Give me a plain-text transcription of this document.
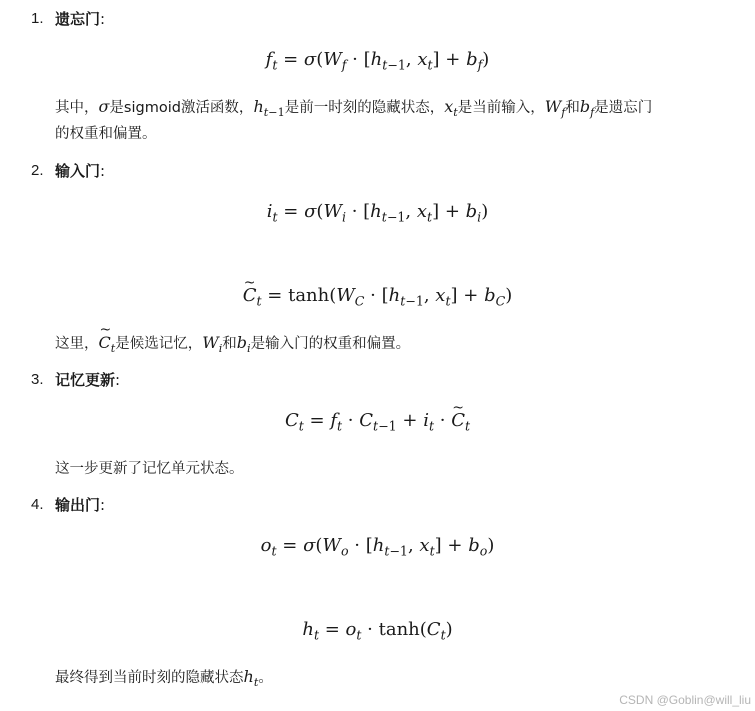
1. 遗忘门:
$f_t = \sigma(W_f \cdot [h_{t-1}$, $x_t] + b_f$)
其中，σ是sigmoid激活函数，$h_{t-1}$是前一时刻的隐藏状态，$x_t$是当前输入，$W_f$和$b_f$是遗忘门
的权重和偏置。
2. 输入门:
$i_t = \sigma(W_i \cdot [h_{t-1}$, $x_t] + b_i$)
~ $C_t = \tanh(W_C \cdot [h_{t-1}$, $x_t] + b_C$)
这里，~ $C_t$是候选记忆，$W_i$和$b_i$是输入门的权重和偏置。
3. 记忆更新:
$C_t = f_t \cdot C_{t-1} + i_t$ · ~ $C_t$
这一步更新了记忆单元状态。
4. 输出门:
$o_t = \sigma(W_o \cdot [h_{t-1}$, $x_t] + b_o$)
$h_t = o_t \cdot \tanh(C_t)$
最终得到当前时刻的隐藏状态$h_t$。
CSDN @Goblin@will_liu
